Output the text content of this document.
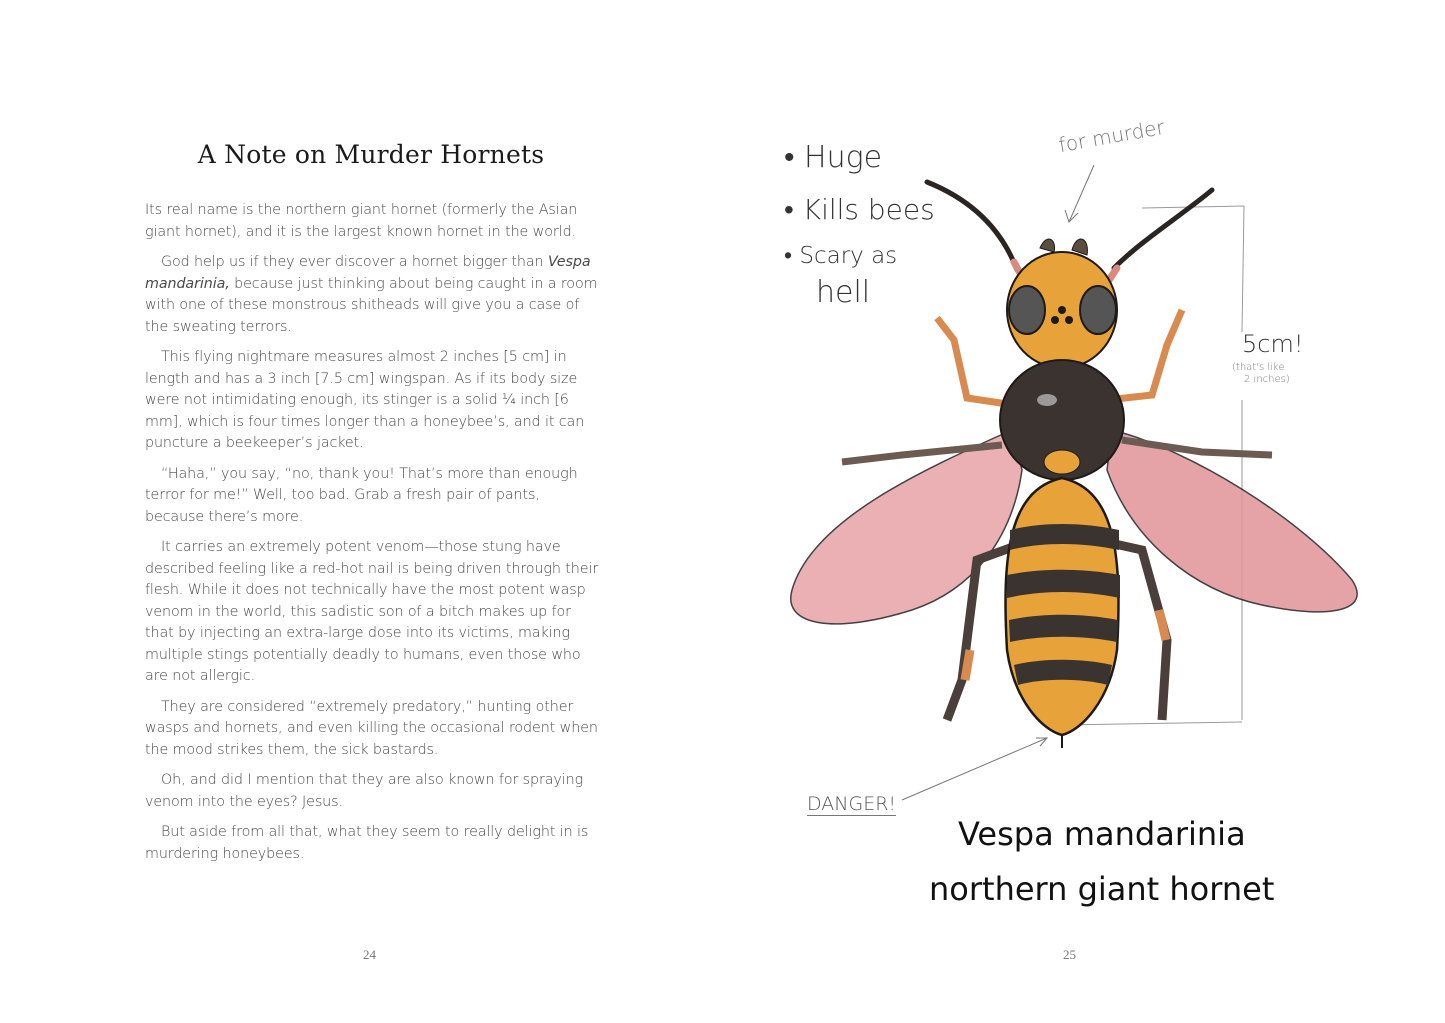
A Note on Murder Hornets

Its real name is the northern giant hornet (formerly the Asian giant hornet), and it is the largest known hornet in the world.

God help us if they ever discover a hornet bigger than Vespa mandarinia, because just thinking about being caught in a room with one of these monstrous shitheads will give you a case of the sweating terrors.

This flying nightmare measures almost 2 inches [5 cm] in length and has a 3 inch [7.5 cm] wingspan. As if its body size were not intimidating enough, its stinger is a solid ¼ inch [6 mm], which is four times longer than a honeybee’s, and it can puncture a beekeeper’s jacket.

“Haha,” you say, “no, thank you! That’s more than enough terror for me!” Well, too bad. Grab a fresh pair of pants, because there’s more.

It carries an extremely potent venom—those stung have described feeling like a red-hot nail is being driven through their flesh. While it does not technically have the most potent wasp venom in the world, this sadistic son of a bitch makes up for that by injecting an extra-large dose into its victims, making multiple stings potentially deadly to humans, even those who are not allergic.

They are considered “extremely predatory,” hunting other wasps and hornets, and even killing the occasional rodent when the mood strikes them, the sick bastards.

Oh, and did I mention that they are also known for spraying venom into the eyes? Jesus.

But aside from all that, what they seem to really delight in is murdering honeybees.

24
• Huge
• Kills bees
• Scary as
hell
for murder
5cm!
(that's like
2 inches)
DANGER!
Vespa mandarinia
northern giant hornet
25
